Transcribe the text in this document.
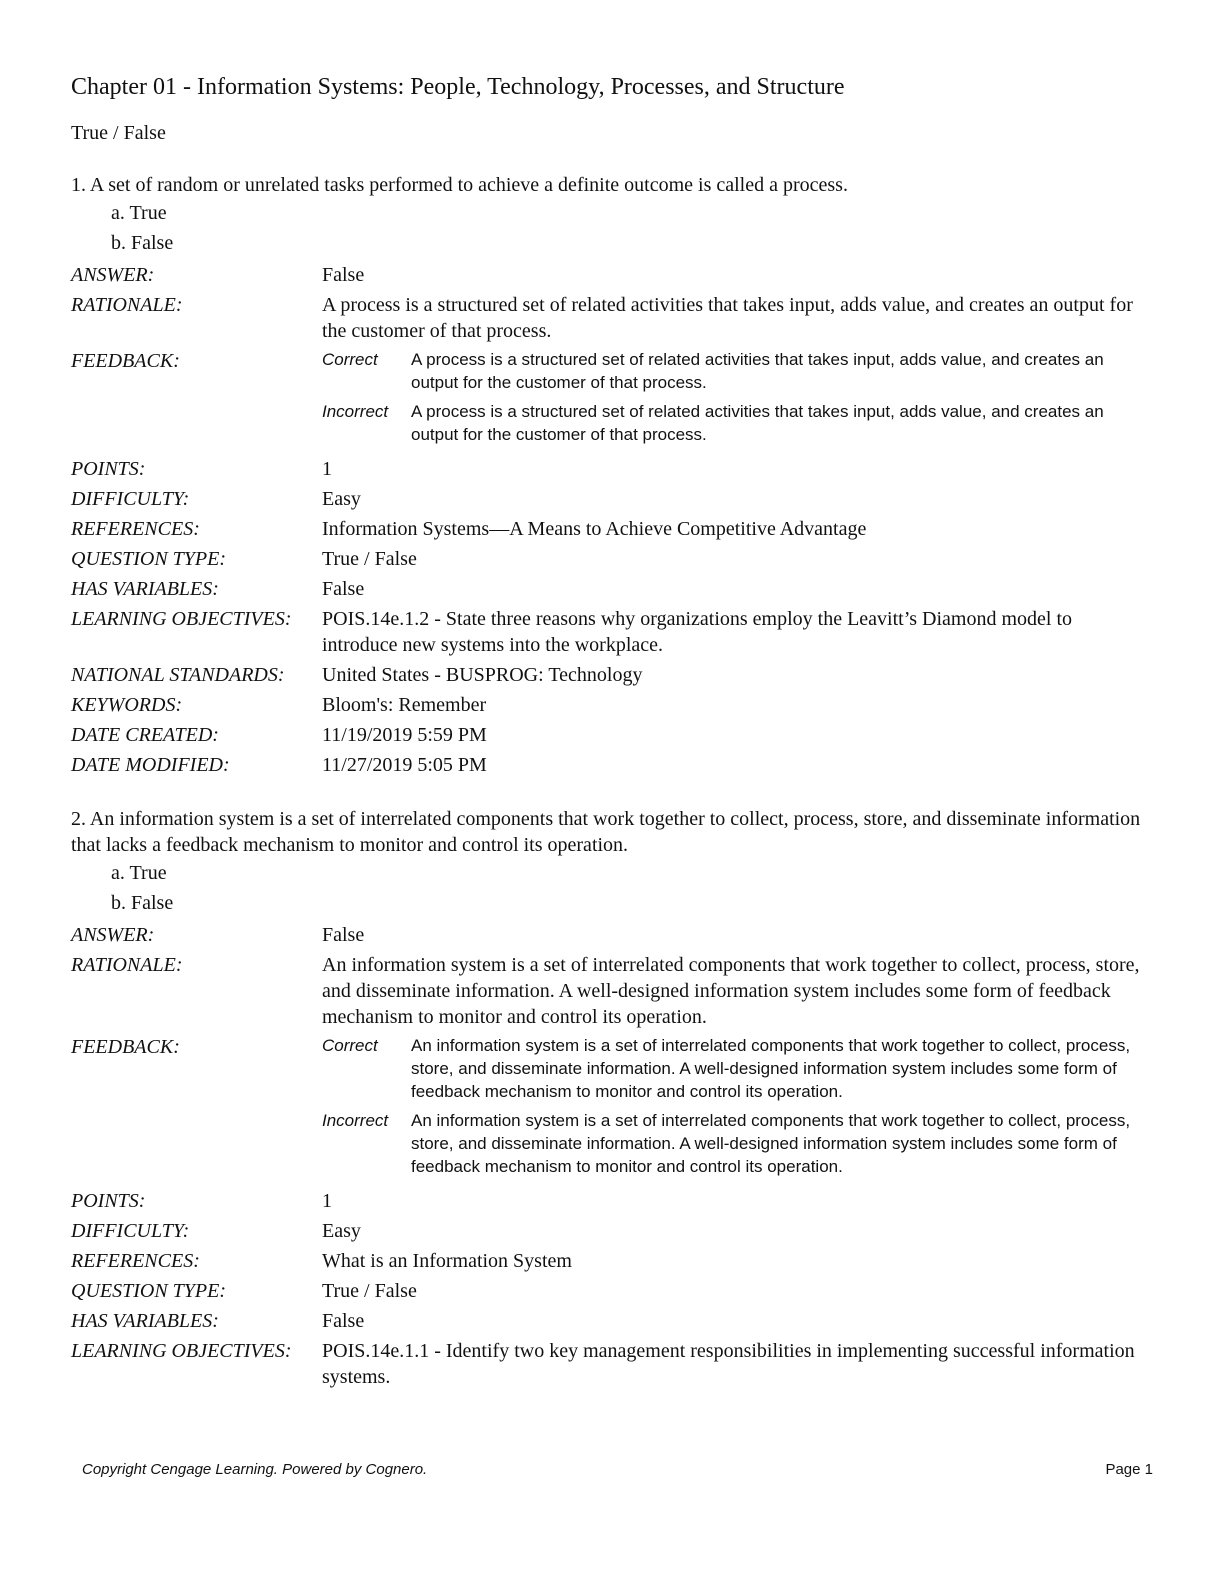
Chapter 01 - Information Systems: People, Technology, Processes, and Structure
True / False
1. A set of random or unrelated tasks performed to achieve a definite outcome is called a process.
a. True
b. False
ANSWER:	False
RATIONALE:	A process is a structured set of related activities that takes input, adds value, and creates an output for the customer of that process.
FEEDBACK:	Correct	A process is a structured set of related activities that takes input, adds value, and creates an output for the customer of that process.
Incorrect	A process is a structured set of related activities that takes input, adds value, and creates an output for the customer of that process.
POINTS:	1
DIFFICULTY:	Easy
REFERENCES:	Information Systems—A Means to Achieve Competitive Advantage
QUESTION TYPE:	True / False
HAS VARIABLES:	False
LEARNING OBJECTIVES:	POIS.14e.1.2 - State three reasons why organizations employ the Leavitt’s Diamond model to introduce new systems into the workplace.
NATIONAL STANDARDS:	United States - BUSPROG: Technology
KEYWORDS:	Bloom's: Remember
DATE CREATED:	11/19/2019 5:59 PM
DATE MODIFIED:	11/27/2019 5:05 PM
2. An information system is a set of interrelated components that work together to collect, process, store, and disseminate information that lacks a feedback mechanism to monitor and control its operation.
a. True
b. False
ANSWER:	False
RATIONALE:	An information system is a set of interrelated components that work together to collect, process, store, and disseminate information. A well-designed information system includes some form of feedback mechanism to monitor and control its operation.
FEEDBACK:	Correct	An information system is a set of interrelated components that work together to collect, process, store, and disseminate information. A well-designed information system includes some form of feedback mechanism to monitor and control its operation.
Incorrect	An information system is a set of interrelated components that work together to collect, process, store, and disseminate information. A well-designed information system includes some form of feedback mechanism to monitor and control its operation.
POINTS:	1
DIFFICULTY:	Easy
REFERENCES:	What is an Information System
QUESTION TYPE:	True / False
HAS VARIABLES:	False
LEARNING OBJECTIVES:	POIS.14e.1.1 - Identify two key management responsibilities in implementing successful information systems.
Copyright Cengage Learning. Powered by Cognero.	Page 1
